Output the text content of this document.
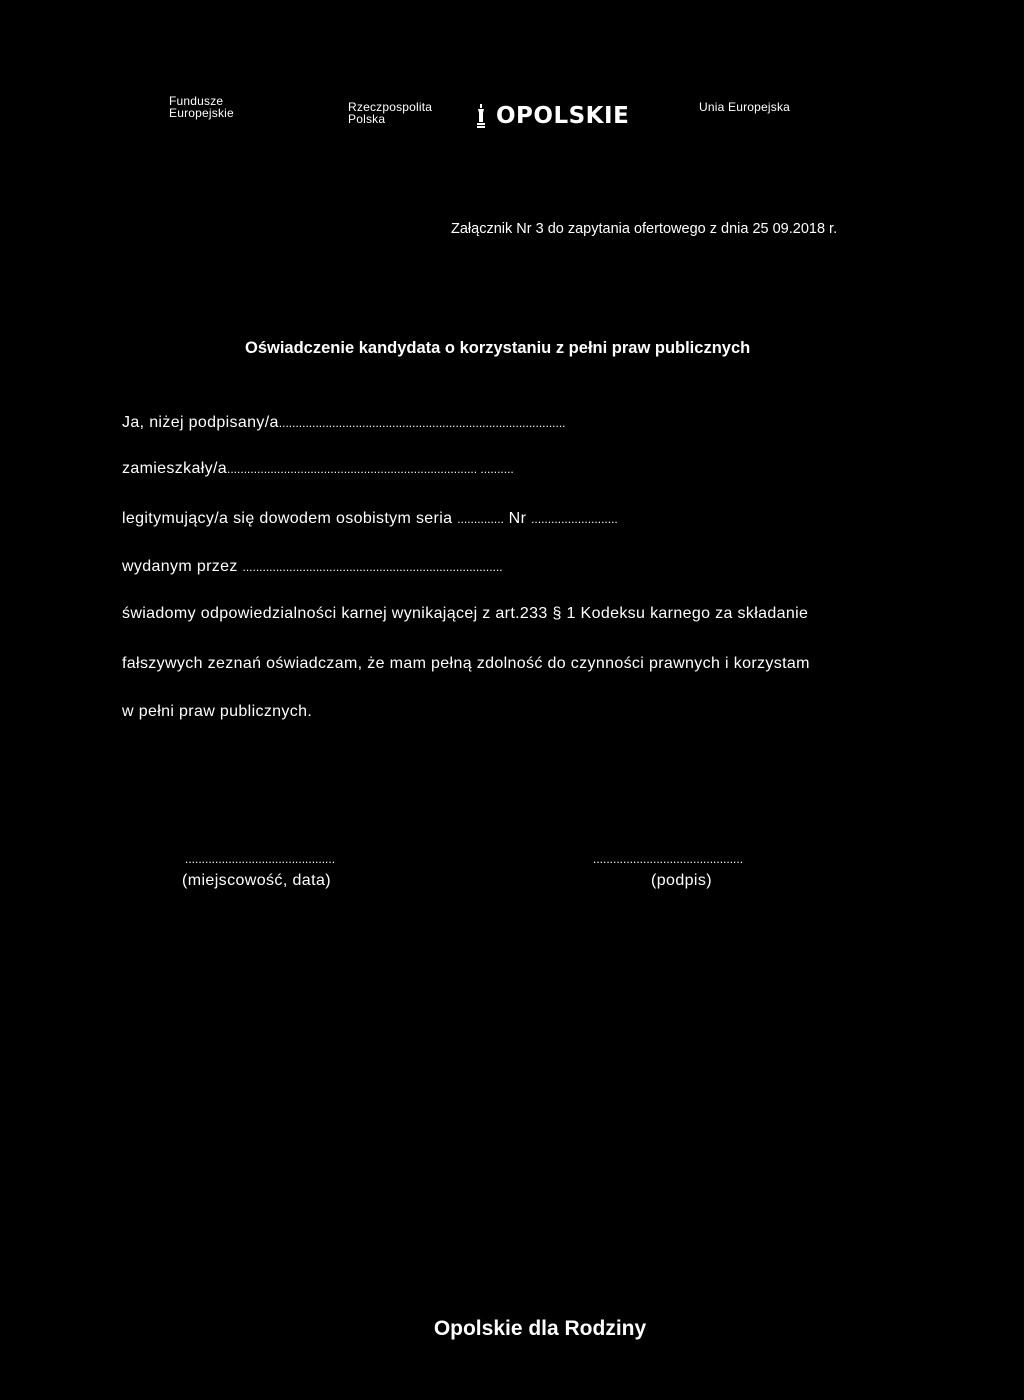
Fundusze
Europejskie	Rzeczpospolita
Polska	OPOLSKIE	Unia Europejska
Załącznik Nr 3 do zapytania ofertowego z dnia 25 09.2018 r.
Oświadczenie kandydata o korzystaniu z pełni praw publicznych
Ja, niżej podpisany/a......................................................................................
zamieszkały/a........................................................................... ..........
legitymujący/a się dowodem osobistym seria .............. Nr ..........................
wydanym przez ..............................................................................
świadomy odpowiedzialności karnej wynikającej z art.233 § 1 Kodeksu karnego za składanie
fałszywych zeznań oświadczam, że mam pełną zdolność do czynności prawnych i korzystam
w pełni praw publicznych.
.............................................
(miejscowość, data)
.............................................
(podpis)
Opolskie dla Rodziny
